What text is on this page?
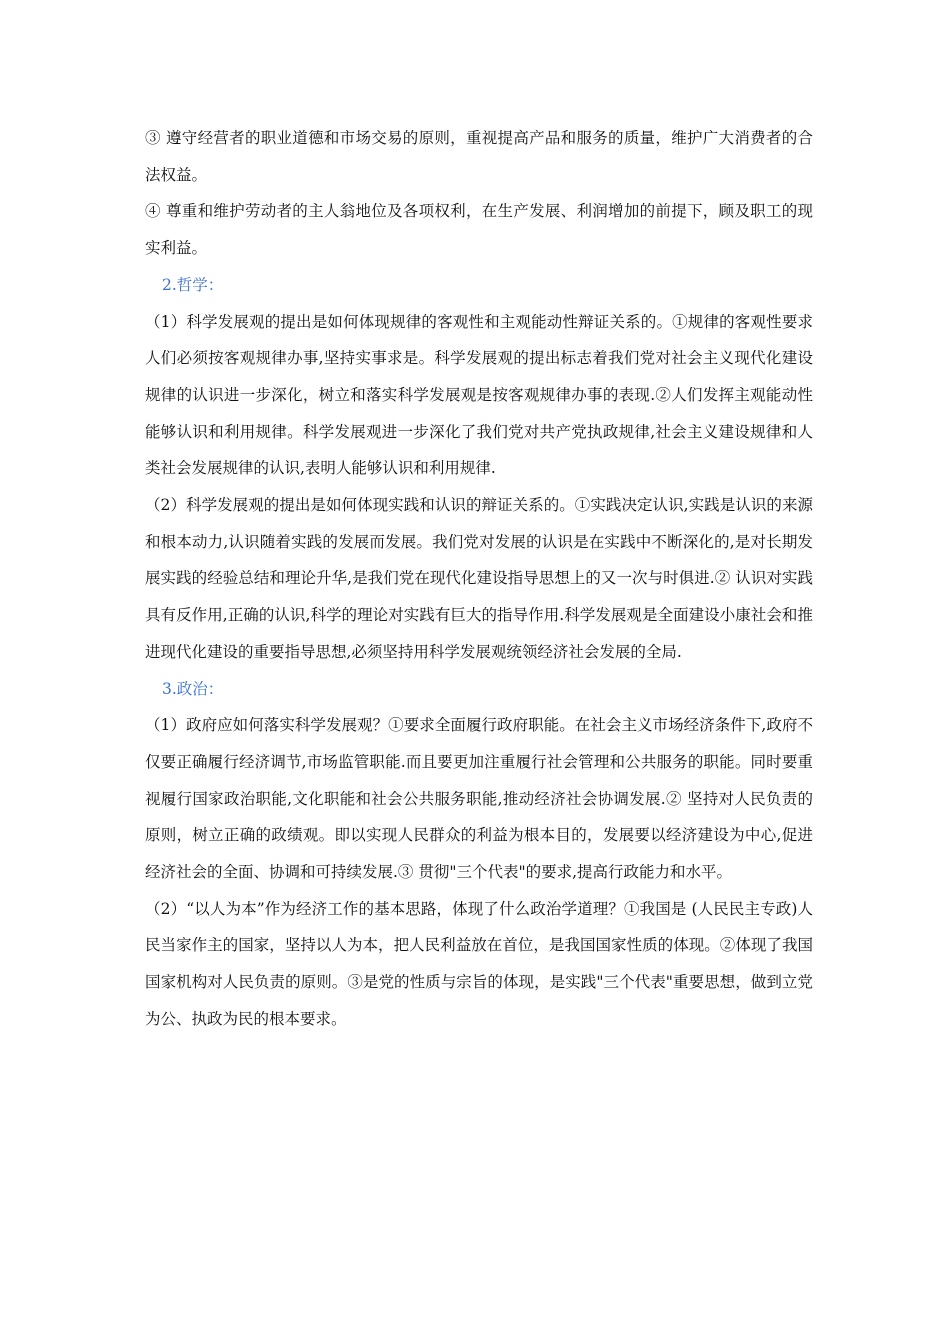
③ 遵守经营者的职业道德和市场交易的原则，重视提高产品和服务的质量，维护广大消费者的合法权益。

④ 尊重和维护劳动者的主人翁地位及各项权利，在生产发展、利润增加的前提下，顾及职工的现实利益。

2.哲学：

（1）科学发展观的提出是如何体现规律的客观性和主观能动性辩证关系的。①规律的客观性要求人们必须按客观规律办事,坚持实事求是。科学发展观的提出标志着我们党对社会主义现代化建设规律的认识进一步深化，树立和落实科学发展观是按客观规律办事的表现.②人们发挥主观能动性能够认识和利用规律。科学发展观进一步深化了我们党对共产党执政规律,社会主义建设规律和人类社会发展规律的认识,表明人能够认识和利用规律.

（2）科学发展观的提出是如何体现实践和认识的辩证关系的。①实践决定认识,实践是认识的来源和根本动力,认识随着实践的发展而发展。我们党对发展的认识是在实践中不断深化的,是对长期发展实践的经验总结和理论升华,是我们党在现代化建设指导思想上的又一次与时俱进.② 认识对实践具有反作用,正确的认识,科学的理论对实践有巨大的指导作用.科学发展观是全面建设小康社会和推进现代化建设的重要指导思想,必须坚持用科学发展观统领经济社会发展的全局.

3.政治：

（1）政府应如何落实科学发展观？①要求全面履行政府职能。在社会主义市场经济条件下,政府不仅要正确履行经济调节,市场监管职能.而且要更加注重履行社会管理和公共服务的职能。同时要重视履行国家政治职能,文化职能和社会公共服务职能,推动经济社会协调发展.② 坚持对人民负责的原则，树立正确的政绩观。即以实现人民群众的利益为根本目的，发展要以经济建设为中心,促进经济社会的全面、协调和可持续发展.③ 贯彻"三个代表"的要求,提高行政能力和水平。

（2）“以人为本”作为经济工作的基本思路，体现了什么政治学道理？①我国是 (人民民主专政)人民当家作主的国家，坚持以人为本，把人民利益放在首位，是我国国家性质的体现。②体现了我国国家机构对人民负责的原则。③是党的性质与宗旨的体现，是实践"三个代表"重要思想，做到立党为公、执政为民的根本要求。
